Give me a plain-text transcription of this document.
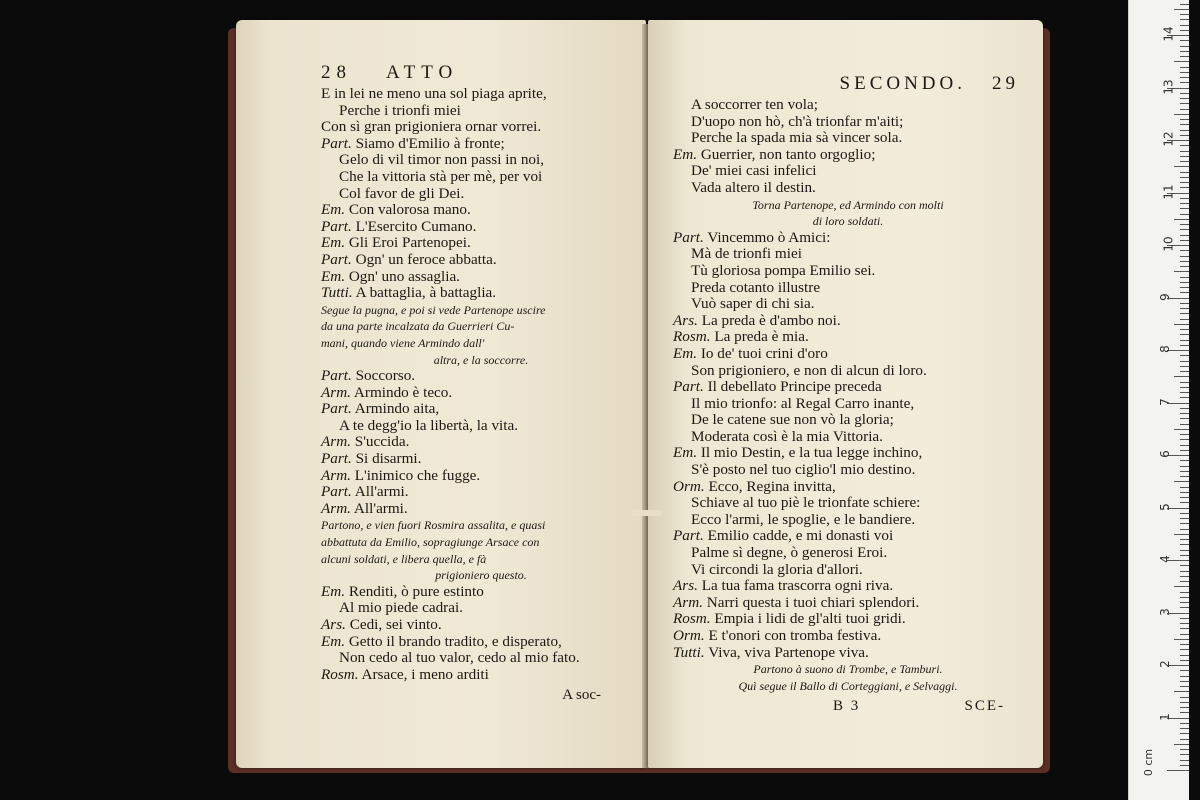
28 ATTO
E in lei ne meno una sol piaga aprite,
Perche i trionfi miei
Con sì gran prigioniera ornar vorrei.
Part. Siamo d'Emilio à fronte;
Gelo di vil timor non passi in noi,
Che la vittoria stà per mè, per voi
Col favor de gli Dei.
Em. Con valorosa mano.
Part. L'Esercito Cumano.
Em. Gli Eroi Partenopei.
Part. Ogn' un feroce abbatta.
Em. Ogn' uno assaglia.
Tutti. A battaglia, à battaglia.
Segue la pugna, e poi si vede Partenope uscire
da una parte incalzata da Guerrieri Cu-
mani, quando viene Armindo dall'
altra, e la soccorre.
Part. Soccorso.
Arm. Armindo è teco.
Part. Armindo aita,
A te degg'io la libertà, la vita.
Arm. S'uccida.
Part. Si disarmi.
Arm. L'inimico che fugge.
Part. All'armi.
Arm. All'armi.
Partono, e vien fuori Rosmira assalita, e quasi
abbattuta da Emilio, sopragiunge Arsace con
alcuni soldati, e libera quella, e fà
prigioniero questo.
Em. Renditi, ò pure estinto
Al mio piede cadrai.
Ars. Cedi, sei vinto.
Em. Getto il brando tradito, e disperato,
Non cedo al tuo valor, cedo al mio fato.
Rosm. Arsace, i meno arditi
A soc-
SECONDO. 29
A soccorrer ten vola;
D'uopo non hò, ch'à trionfar m'aiti;
Perche la spada mia sà vincer sola.
Em. Guerrier, non tanto orgoglio;
De' miei casi infelici
Vada altero il destin.
Torna Partenope, ed Armindo con molti
di loro soldati.
Part. Vincemmo ò Amici:
Mà de trionfi miei
Tù gloriosa pompa Emilio sei.
Preda cotanto illustre
Vuò saper di chi sia.
Ars. La preda è d'ambo noi.
Rosm. La preda è mia.
Em. Io de' tuoi crini d'oro
Son prigioniero, e non di alcun di loro.
Part. Il debellato Principe preceda
Il mio trionfo: al Regal Carro inante,
De le catene sue non vò la gloria;
Moderata così è la mia Vittoria.
Em. Il mio Destin, e la tua legge inchino,
S'è posto nel tuo ciglio'l mio destino.
Orm. Ecco, Regina invitta,
Schiave al tuo piè le trionfate schiere:
Ecco l'armi, le spoglie, e le bandiere.
Part. Emilio cadde, e mi donasti voi
Palme sì degne, ò generosi Eroi.
Vi circondi la gloria d'allori.
Ars. La tua fama trascorra ogni riva.
Arm. Narri questa i tuoi chiari splendori.
Rosm. Empia i lidi de gl'alti tuoi gridi.
Orm. E t'onori con tromba festiva.
Tutti. Viva, viva Partenope viva.
Partono à suono di Trombe, e Tamburi.
Quì segue il Ballo di Corteggiani, e Selvaggi.
B 3	SCE-
0 cm
1
2
3
4
5
6
7
8
9
10
11
12
13
14
